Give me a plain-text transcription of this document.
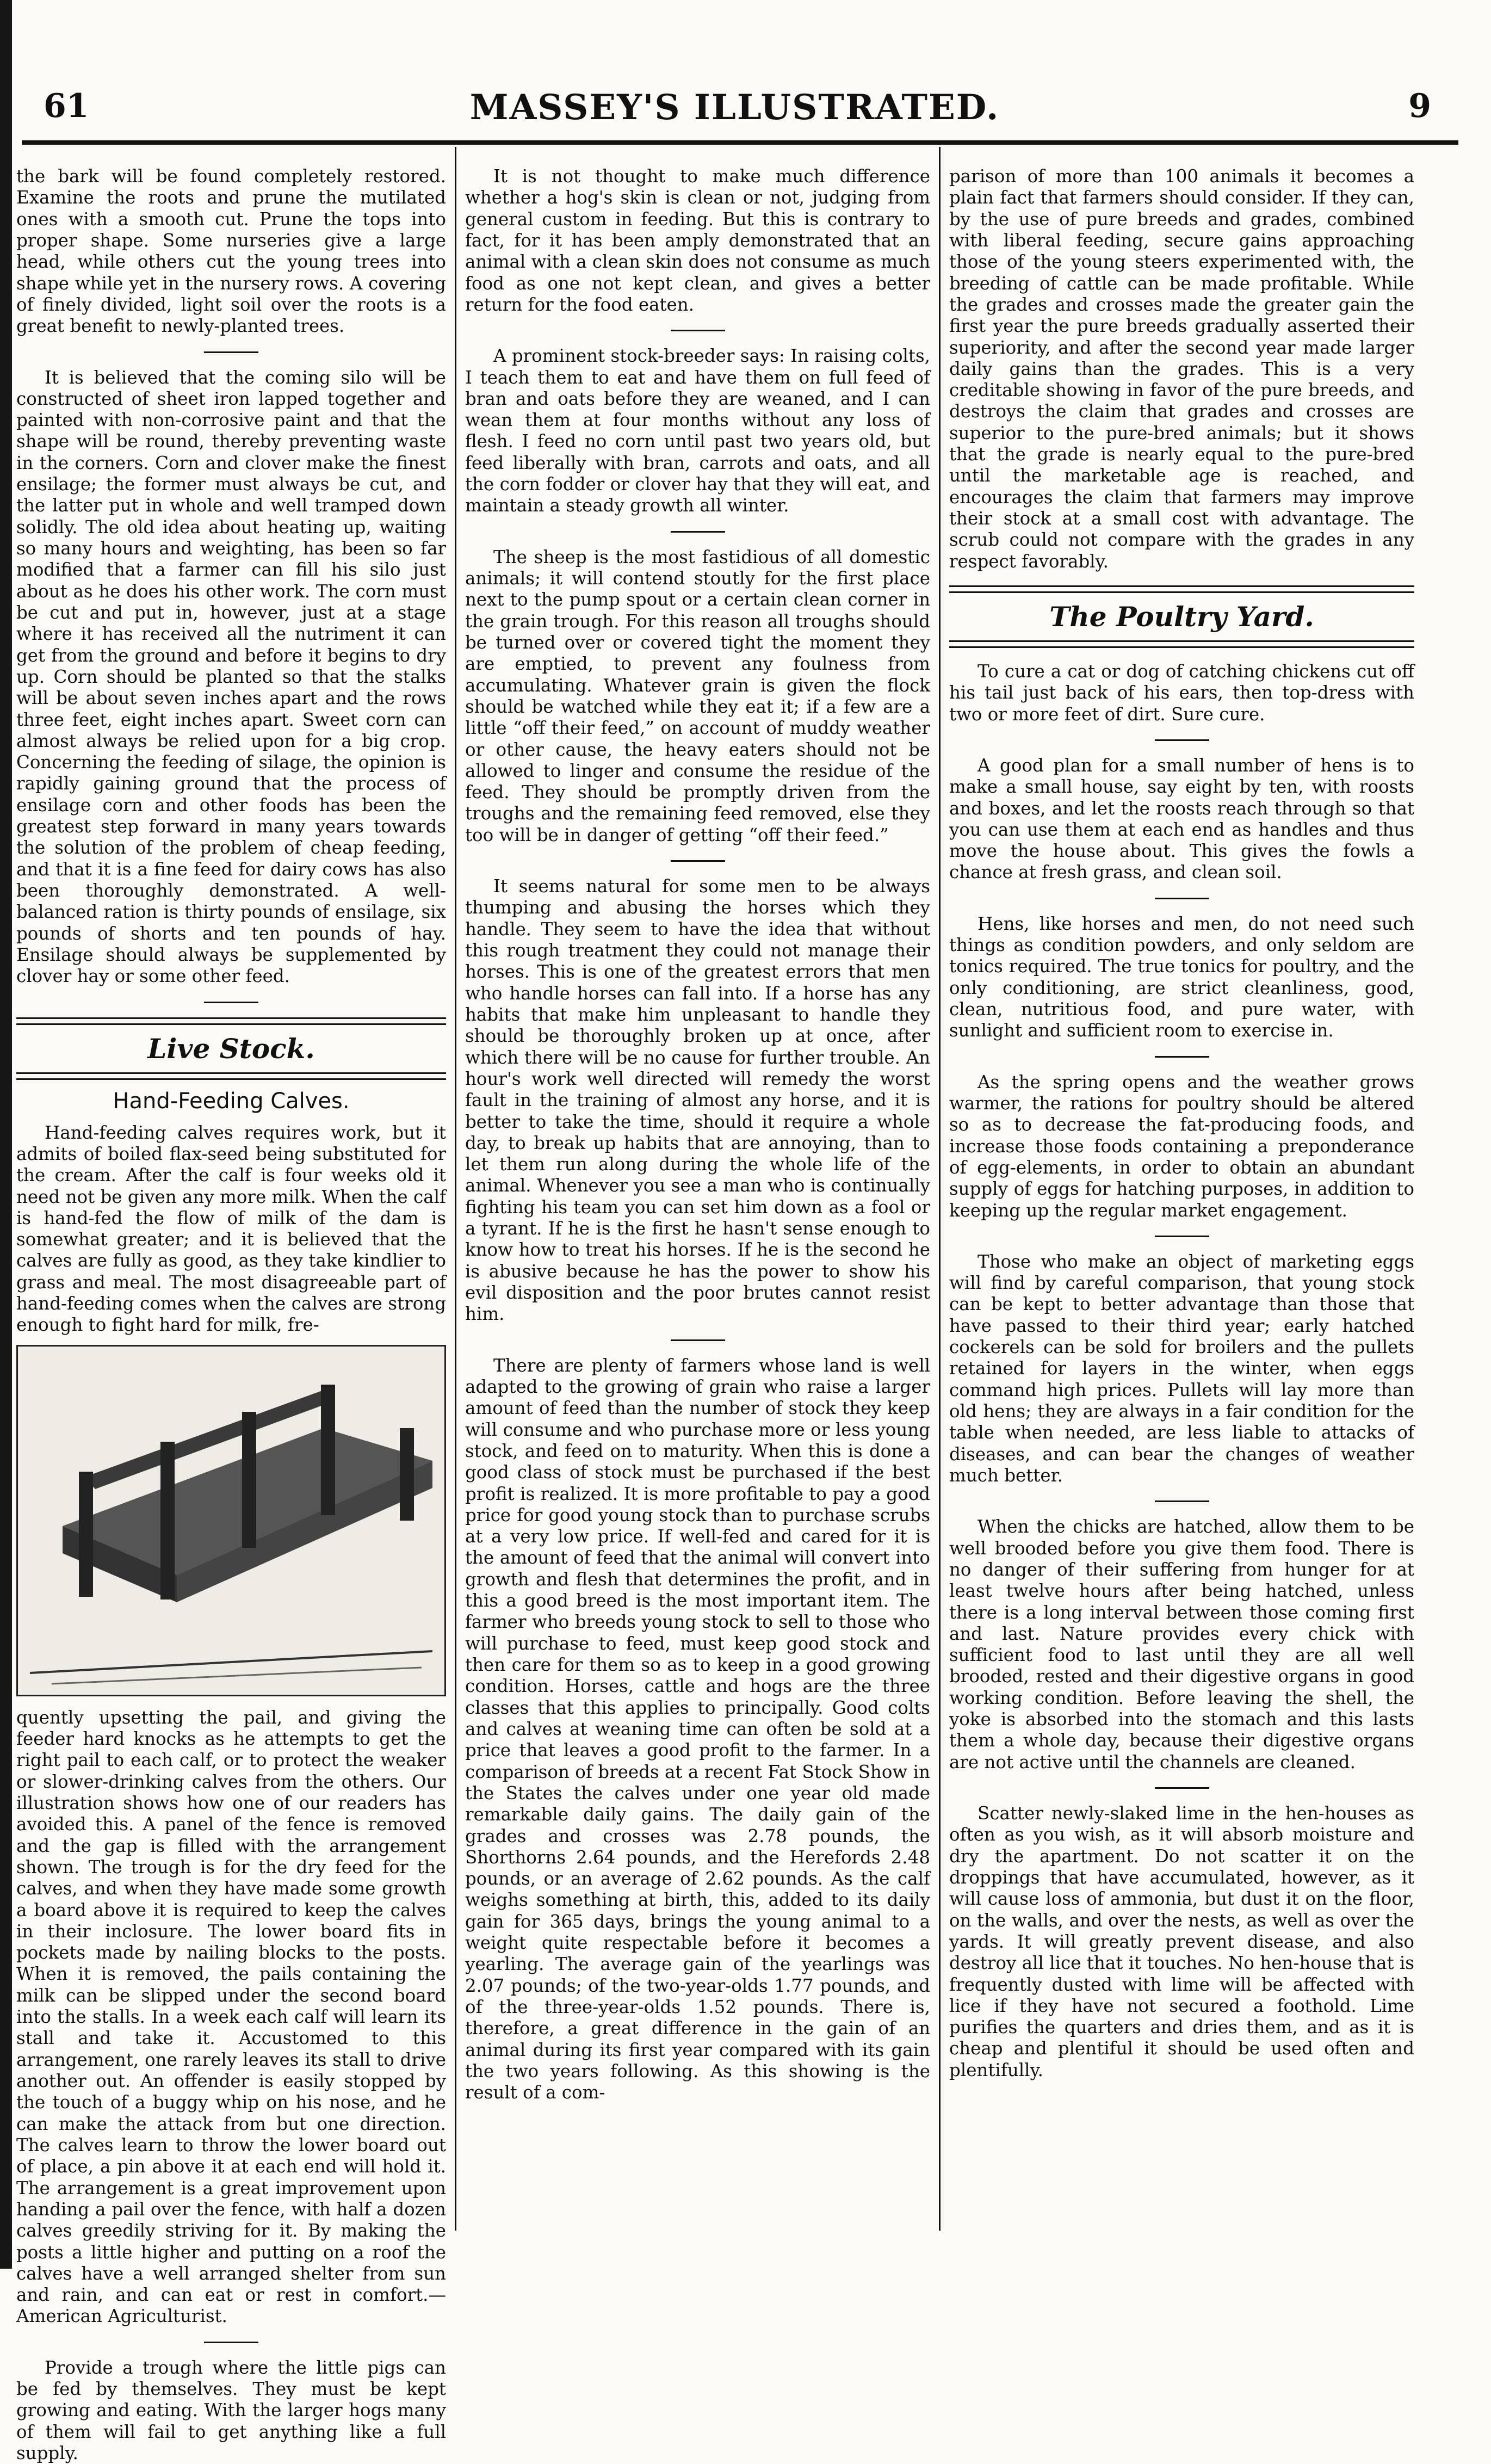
MASSEY'S ILLUSTRATED.
61	9

the bark will be found completely restored. Examine the roots and prune the mutilated ones with a smooth cut. Prune the tops into proper shape. Some nurseries give a large head, while others cut the young trees into shape while yet in the nursery rows. A covering of finely divided, light soil over the roots is a great benefit to newly-planted trees.

It is believed that the coming silo will be constructed of sheet iron lapped together and painted with non-corrosive paint and that the shape will be round, thereby preventing waste in the corners. Corn and clover make the finest ensilage; the former must always be cut, and the latter put in whole and well tramped down solidly. The old idea about heating up, waiting so many hours and weighting, has been so far modified that a farmer can fill his silo just about as he does his other work. The corn must be cut and put in, however, just at a stage where it has received all the nutriment it can get from the ground and before it begins to dry up. Corn should be planted so that the stalks will be about seven inches apart and the rows three feet, eight inches apart. Sweet corn can almost always be relied upon for a big crop. Concerning the feeding of silage, the opinion is rapidly gaining ground that the process of ensilage corn and other foods has been the greatest step forward in many years towards the solution of the problem of cheap feeding, and that it is a fine feed for dairy cows has also been thoroughly demonstrated. A well-balanced ration is thirty pounds of ensilage, six pounds of shorts and ten pounds of hay. Ensilage should always be supplemented by clover hay or some other feed.

Live Stock.

Hand-Feeding Calves.

Hand-feeding calves requires work, but it admits of boiled flax-seed being substituted for the cream. After the calf is four weeks old it need not be given any more milk. When the calf is hand-fed the flow of milk of the dam is somewhat greater; and it is believed that the calves are fully as good, as they take kindlier to grass and meal. The most disagreeable part of hand-feeding comes when the calves are strong enough to fight hard for milk, fre-

quently upsetting the pail, and giving the feeder hard knocks as he attempts to get the right pail to each calf, or to protect the weaker or slower-drinking calves from the others. Our illustration shows how one of our readers has avoided this. A panel of the fence is removed and the gap is filled with the arrangement shown. The trough is for the dry feed for the calves, and when they have made some growth a board above it is required to keep the calves in their inclosure. The lower board fits in pockets made by nailing blocks to the posts. When it is removed, the pails containing the milk can be slipped under the second board into the stalls. In a week each calf will learn its stall and take it. Accustomed to this arrangement, one rarely leaves its stall to drive another out. An offender is easily stopped by the touch of a buggy whip on his nose, and he can make the attack from but one direction. The calves learn to throw the lower board out of place, a pin above it at each end will hold it. The arrangement is a great improvement upon handing a pail over the fence, with half a dozen calves greedily striving for it. By making the posts a little higher and putting on a roof the calves have a well arranged shelter from sun and rain, and can eat or rest in comfort.—American Agriculturist.

Provide a trough where the little pigs can be fed by themselves. They must be kept growing and eating. With the larger hogs many of them will fail to get anything like a full supply.

It is not thought to make much difference whether a hog's skin is clean or not, judging from general custom in feeding. But this is contrary to fact, for it has been amply demonstrated that an animal with a clean skin does not consume as much food as one not kept clean, and gives a better return for the food eaten.

A prominent stock-breeder says: In raising colts, I teach them to eat and have them on full feed of bran and oats before they are weaned, and I can wean them at four months without any loss of flesh. I feed no corn until past two years old, but feed liberally with bran, carrots and oats, and all the corn fodder or clover hay that they will eat, and maintain a steady growth all winter.

The sheep is the most fastidious of all domestic animals; it will contend stoutly for the first place next to the pump spout or a certain clean corner in the grain trough. For this reason all troughs should be turned over or covered tight the moment they are emptied, to prevent any foulness from accumulating. Whatever grain is given the flock should be watched while they eat it; if a few are a little “off their feed,” on account of muddy weather or other cause, the heavy eaters should not be allowed to linger and consume the residue of the feed. They should be promptly driven from the troughs and the remaining feed removed, else they too will be in danger of getting “off their feed.”

It seems natural for some men to be always thumping and abusing the horses which they handle. They seem to have the idea that without this rough treatment they could not manage their horses. This is one of the greatest errors that men who handle horses can fall into. If a horse has any habits that make him unpleasant to handle they should be thoroughly broken up at once, after which there will be no cause for further trouble. An hour's work well directed will remedy the worst fault in the training of almost any horse, and it is better to take the time, should it require a whole day, to break up habits that are annoying, than to let them run along during the whole life of the animal. Whenever you see a man who is continually fighting his team you can set him down as a fool or a tyrant. If he is the first he hasn't sense enough to know how to treat his horses. If he is the second he is abusive because he has the power to show his evil disposition and the poor brutes cannot resist him.

There are plenty of farmers whose land is well adapted to the growing of grain who raise a larger amount of feed than the number of stock they keep will consume and who purchase more or less young stock, and feed on to maturity. When this is done a good class of stock must be purchased if the best profit is realized. It is more profitable to pay a good price for good young stock than to purchase scrubs at a very low price. If well-fed and cared for it is the amount of feed that the animal will convert into growth and flesh that determines the profit, and in this a good breed is the most important item. The farmer who breeds young stock to sell to those who will purchase to feed, must keep good stock and then care for them so as to keep in a good growing condition. Horses, cattle and hogs are the three classes that this applies to principally. Good colts and calves at weaning time can often be sold at a price that leaves a good profit to the farmer. In a comparison of breeds at a recent Fat Stock Show in the States the calves under one year old made remarkable daily gains. The daily gain of the grades and crosses was 2.78 pounds, the Shorthorns 2.64 pounds, and the Herefords 2.48 pounds, or an average of 2.62 pounds. As the calf weighs something at birth, this, added to its daily gain for 365 days, brings the young animal to a weight quite respectable before it becomes a yearling. The average gain of the yearlings was 2.07 pounds; of the two-year-olds 1.77 pounds, and of the three-year-olds 1.52 pounds. There is, therefore, a great difference in the gain of an animal during its first year compared with its gain the two years following. As this showing is the result of a com-

parison of more than 100 animals it becomes a plain fact that farmers should consider. If they can, by the use of pure breeds and grades, combined with liberal feeding, secure gains approaching those of the young steers experimented with, the breeding of cattle can be made profitable. While the grades and crosses made the greater gain the first year the pure breeds gradually asserted their superiority, and after the second year made larger daily gains than the grades. This is a very creditable showing in favor of the pure breeds, and destroys the claim that grades and crosses are superior to the pure-bred animals; but it shows that the grade is nearly equal to the pure-bred until the marketable age is reached, and encourages the claim that farmers may improve their stock at a small cost with advantage. The scrub could not compare with the grades in any respect favorably.

The Poultry Yard.

To cure a cat or dog of catching chickens cut off his tail just back of his ears, then top-dress with two or more feet of dirt. Sure cure.

A good plan for a small number of hens is to make a small house, say eight by ten, with roosts and boxes, and let the roosts reach through so that you can use them at each end as handles and thus move the house about. This gives the fowls a chance at fresh grass, and clean soil.

Hens, like horses and men, do not need such things as condition powders, and only seldom are tonics required. The true tonics for poultry, and the only conditioning, are strict cleanliness, good, clean, nutritious food, and pure water, with sunlight and sufficient room to exercise in.

As the spring opens and the weather grows warmer, the rations for poultry should be altered so as to decrease the fat-producing foods, and increase those foods containing a preponderance of egg-elements, in order to obtain an abundant supply of eggs for hatching purposes, in addition to keeping up the regular market engagement.

Those who make an object of marketing eggs will find by careful comparison, that young stock can be kept to better advantage than those that have passed to their third year; early hatched cockerels can be sold for broilers and the pullets retained for layers in the winter, when eggs command high prices. Pullets will lay more than old hens; they are always in a fair condition for the table when needed, are less liable to attacks of diseases, and can bear the changes of weather much better.

When the chicks are hatched, allow them to be well brooded before you give them food. There is no danger of their suffering from hunger for at least twelve hours after being hatched, unless there is a long interval between those coming first and last. Nature provides every chick with sufficient food to last until they are all well brooded, rested and their digestive organs in good working condition. Before leaving the shell, the yoke is absorbed into the stomach and this lasts them a whole day, because their digestive organs are not active until the channels are cleaned.

Scatter newly-slaked lime in the hen-houses as often as you wish, as it will absorb moisture and dry the apartment. Do not scatter it on the droppings that have accumulated, however, as it will cause loss of ammonia, but dust it on the floor, on the walls, and over the nests, as well as over the yards. It will greatly prevent disease, and also destroy all lice that it touches. No hen-house that is frequently dusted with lime will be affected with lice if they have not secured a foothold. Lime purifies the quarters and dries them, and as it is cheap and plentiful it should be used often and plentifully.
